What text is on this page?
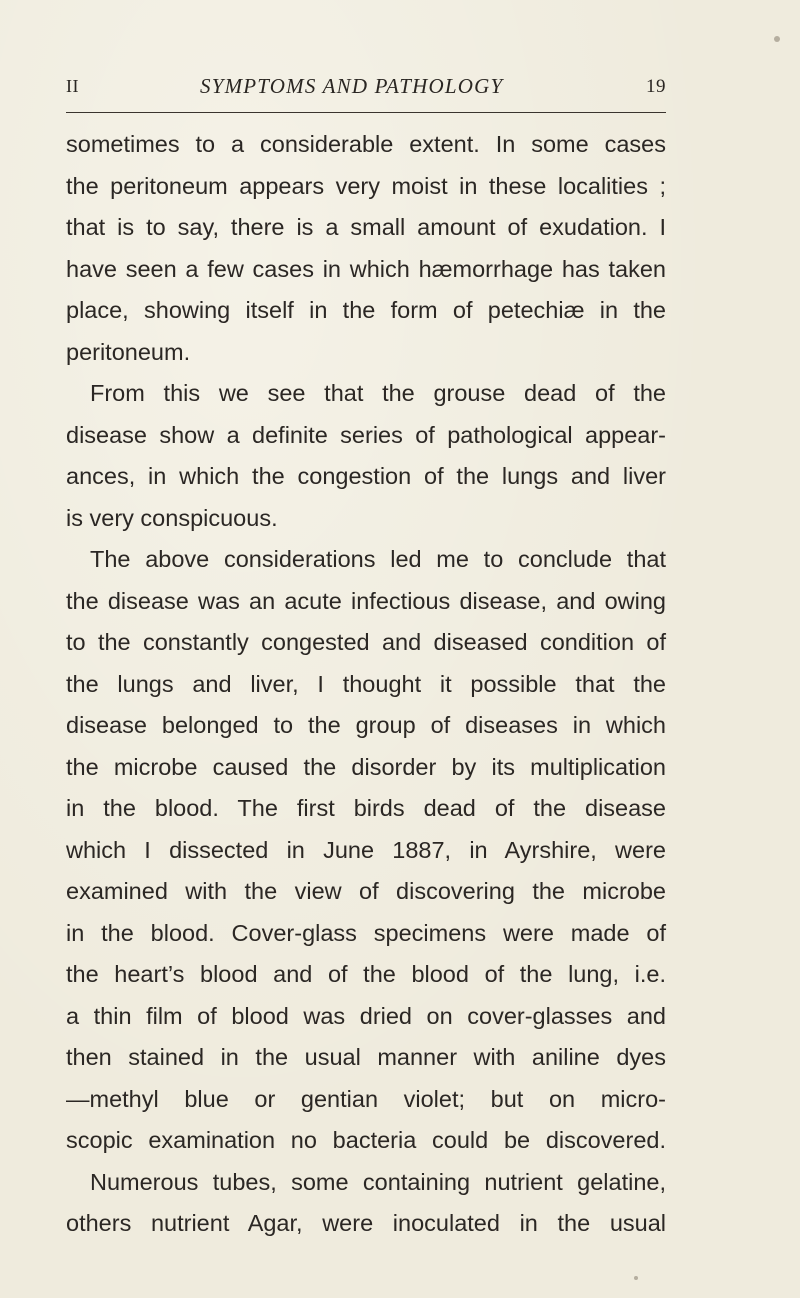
II	SYMPTOMS AND PATHOLOGY	19
sometimes to a considerable extent. In some cases
the peritoneum appears very moist in these localities ;
that is to say, there is a small amount of exudation. I
have seen a few cases in which hæmorrhage has taken
place, showing itself in the form of petechiæ in the
peritoneum.
From this we see that the grouse dead of the
disease show a definite series of pathological appear-
ances, in which the congestion of the lungs and liver
is very conspicuous.
The above considerations led me to conclude that
the disease was an acute infectious disease, and owing
to the constantly congested and diseased condition of
the lungs and liver, I thought it possible that the
disease belonged to the group of diseases in which
the microbe caused the disorder by its multiplication
in the blood. The first birds dead of the disease
which I dissected in June 1887, in Ayrshire, were
examined with the view of discovering the microbe
in the blood. Cover-glass specimens were made of
the heart’s blood and of the blood of the lung, i.e.
a thin film of blood was dried on cover-glasses and
then stained in the usual manner with aniline dyes
—methyl blue or gentian violet; but on micro-
scopic examination no bacteria could be discovered.
Numerous tubes, some containing nutrient gelatine,
others nutrient Agar, were inoculated in the usual
